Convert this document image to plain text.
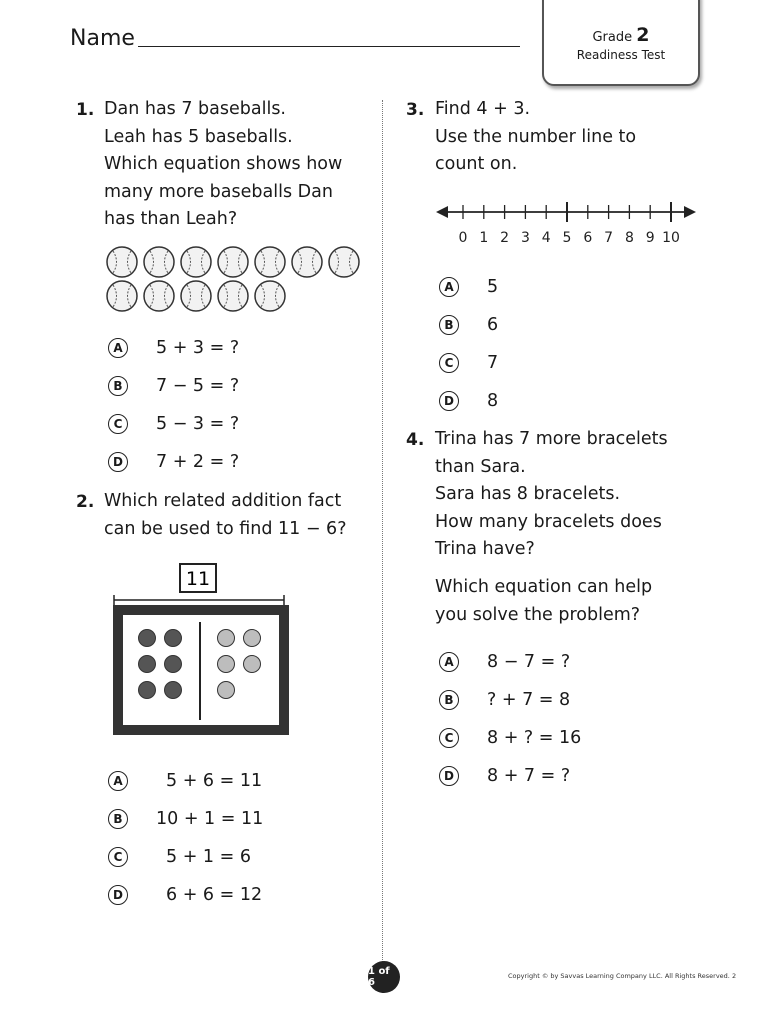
Name	Grade 2
Readiness Test
1. Dan has 7 baseballs.
Leah has 5 baseballs.
Which equation shows how
many more baseballs Dan
has than Leah?
A	5 + 3 = ?
B	7 − 5 = ?
C	5 − 3 = ?
D 7 + 2 = ?
2. Which related addition fact
can be used to find 11 − 6?
11
A	5 + 6 = 11
B	10 + 1 = 11
C	5 + 1 = 6
D 6 + 6 = 12
3. Find 4 + 3.
Use the number line to
count on.
0 1 2 3 4 5 6 7 8 9 10
A	5
B	6
C	7
D 8
4. Trina has 7 more bracelets
than Sara.
Sara has 8 bracelets.
How many bracelets does
Trina have?
Which equation can help
you solve the problem?
A	8 − 7 = ?
B	? + 7 = 8
C	8 + ? = 16
D 8 + 7 = ?
1 of 6
Copyright © by Savvas Learning Company LLC. All Rights Reserved. 2
